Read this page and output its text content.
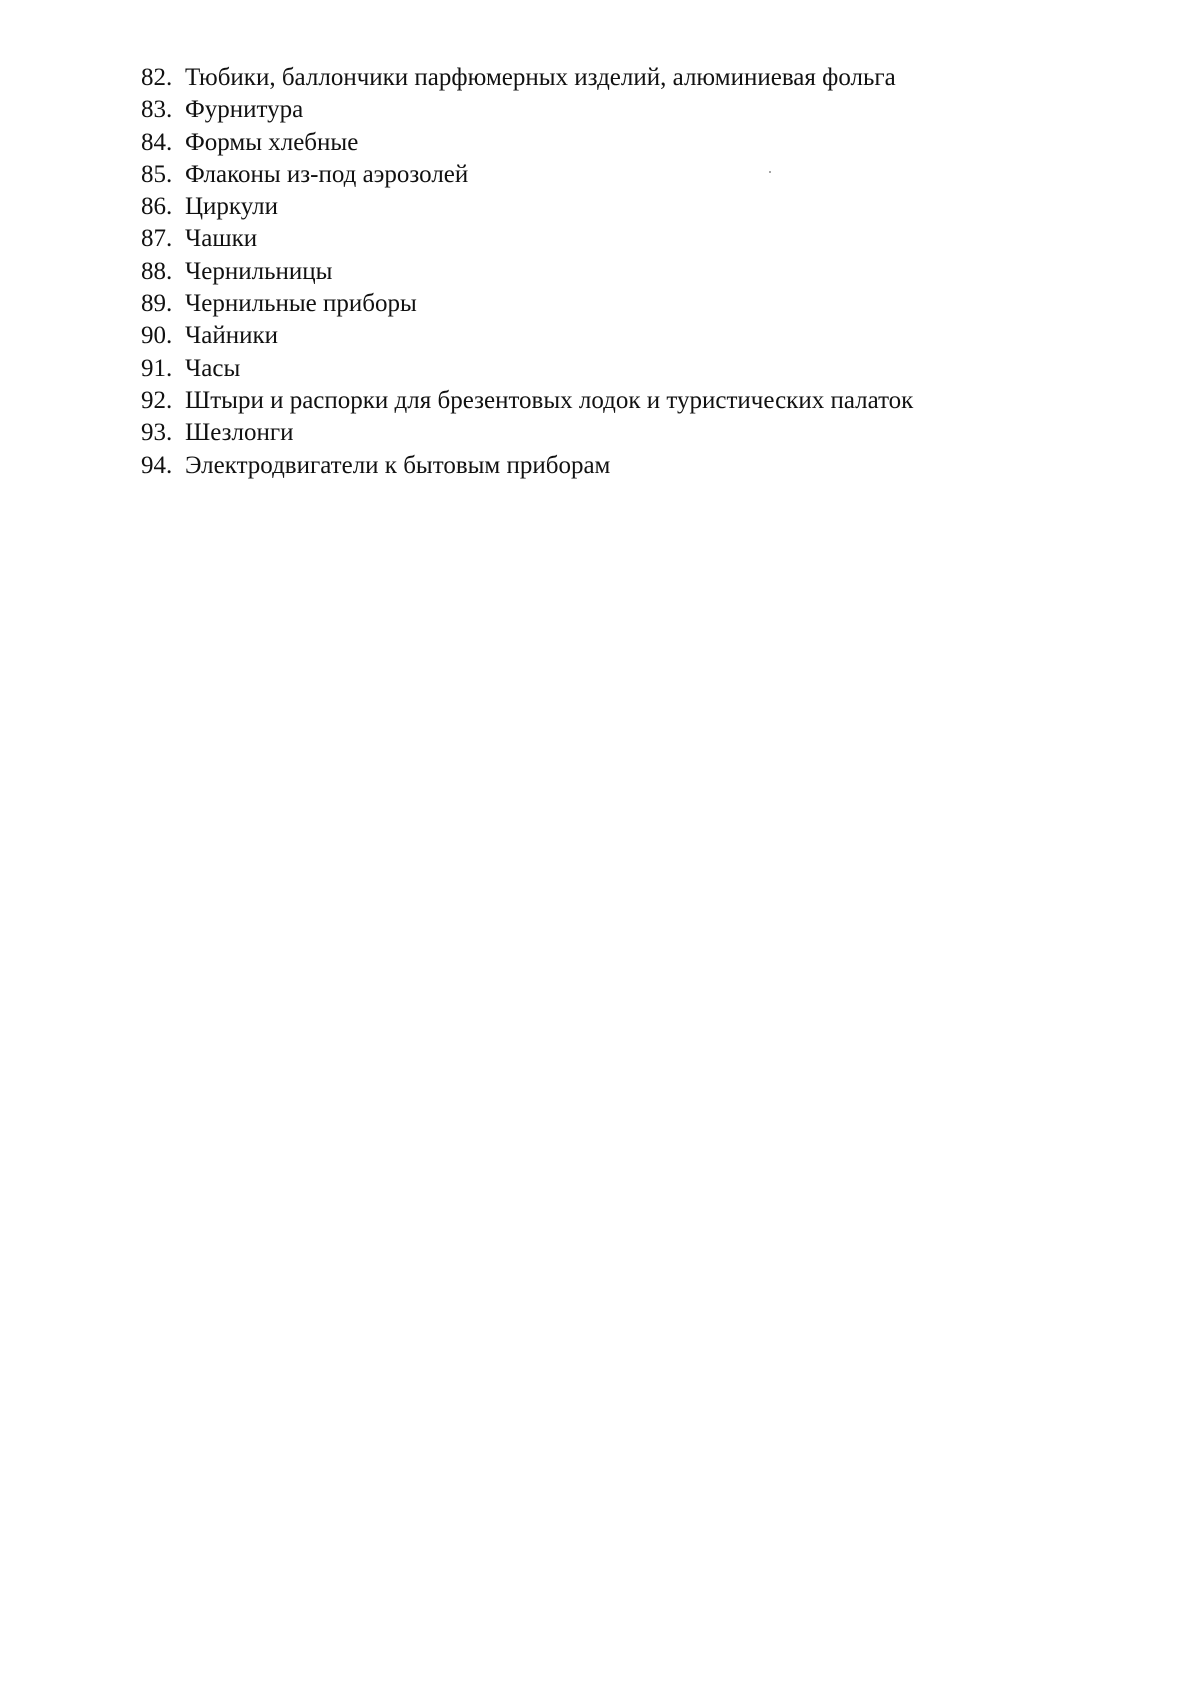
82. Тюбики, баллончики парфюмерных изделий, алюминиевая фольга
83. Фурнитура
84. Формы хлебные
85. Флаконы из-под аэрозолей
86. Циркули
87. Чашки
88. Чернильницы
89. Чернильные приборы
90. Чайники
91. Часы
92. Штыри и распорки для брезентовых лодок и туристических палаток
93. Шезлонги
94. Электродвигатели к бытовым приборам
